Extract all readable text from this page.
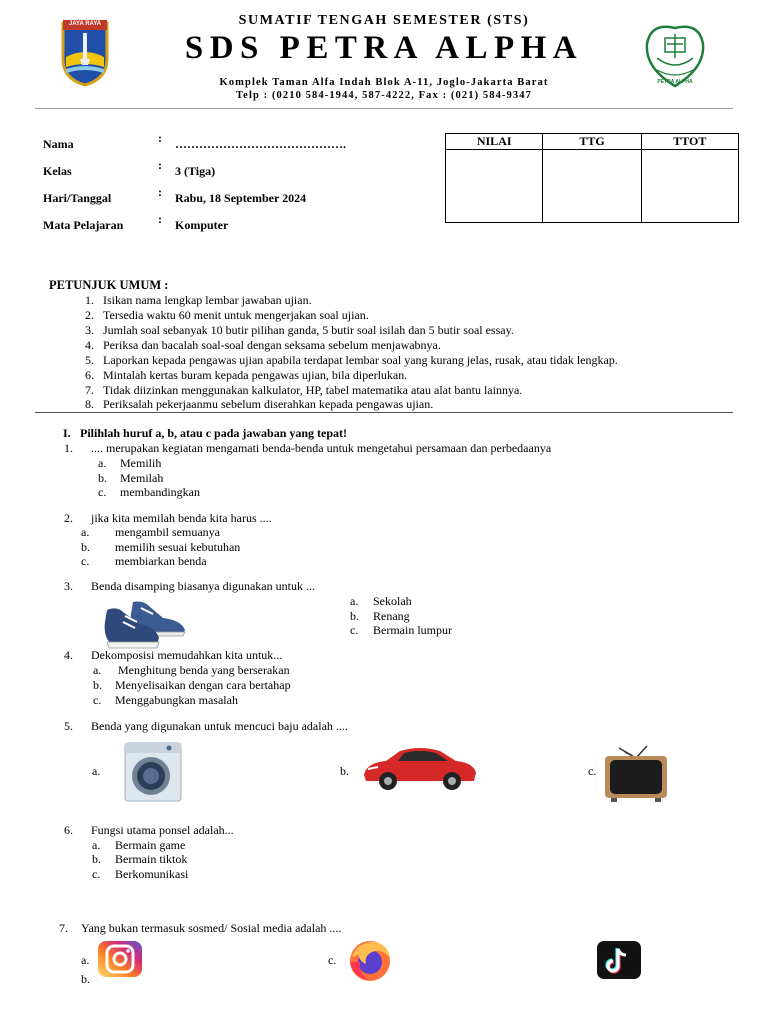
JAYA RAYA
PETRA ALPHA
SUMATIF TENGAH SEMESTER (STS)
SDS PETRA ALPHA
Komplek Taman Alfa Indah Blok A-11, Joglo-Jakarta Barat
Telp : (0210 584-1944, 587-4222, Fax : (021) 584-9347
Nama	: …………………………………….
Kelas	: 3 (Tiga)
Hari/Tanggal	: Rabu, 18 September 2024
Mata Pelajaran	: Komputer
NILAI	TTG	TTOT

PETUNJUK UMUM :
1. Isikan nama lengkap lembar jawaban ujian.
2. Tersedia waktu 60 menit untuk mengerjakan soal ujian.
3. Jumlah soal sebanyak 10 butir pilihan ganda, 5 butir soal isilah dan 5 butir soal essay.
4. Periksa dan bacalah soal-soal dengan seksama sebelum menjawabnya.
5. Laporkan kepada pengawas ujian apabila terdapat lembar soal yang kurang jelas, rusak, atau tidak lengkap.
6. Mintalah kertas buram kepada pengawas ujian, bila diperlukan.
7. Tidak diizinkan menggunakan kalkulator, HP, tabel matematika atau alat bantu lainnya.
8. Periksalah pekerjaanmu sebelum diserahkan kepada pengawas ujian.
I. Pilihlah huruf a, b, atau c pada jawaban yang tepat!
1. .... merupakan kegiatan mengamati benda-benda untuk mengetahui persamaan dan perbedaanya
a. Memilih
b. Memilah
c. membandingkan
2. jika kita memilah benda kita harus ....
a. mengambil semuanya
b. memilih sesuai kebutuhan
c. membiarkan benda
3. Benda disamping biasanya digunakan untuk ...
a. Sekolah
b. Renang
c. Bermain lumpur
4. Dekomposisi memudahkan kita untuk...
a. Menghitung benda yang berserakan
b. Menyelisaikan dengan cara bertahap
c. Menggabungkan masalah
5. Benda yang digunakan untuk mencuci baju adalah ....
a.	b.	c.
6. Fungsi utama ponsel adalah...
a. Bermain game
b. Bermain tiktok
c. Berkomunikasi
7. Yang bukan termasuk sosmed/ Sosial media adalah ....
a.
b.
c.
